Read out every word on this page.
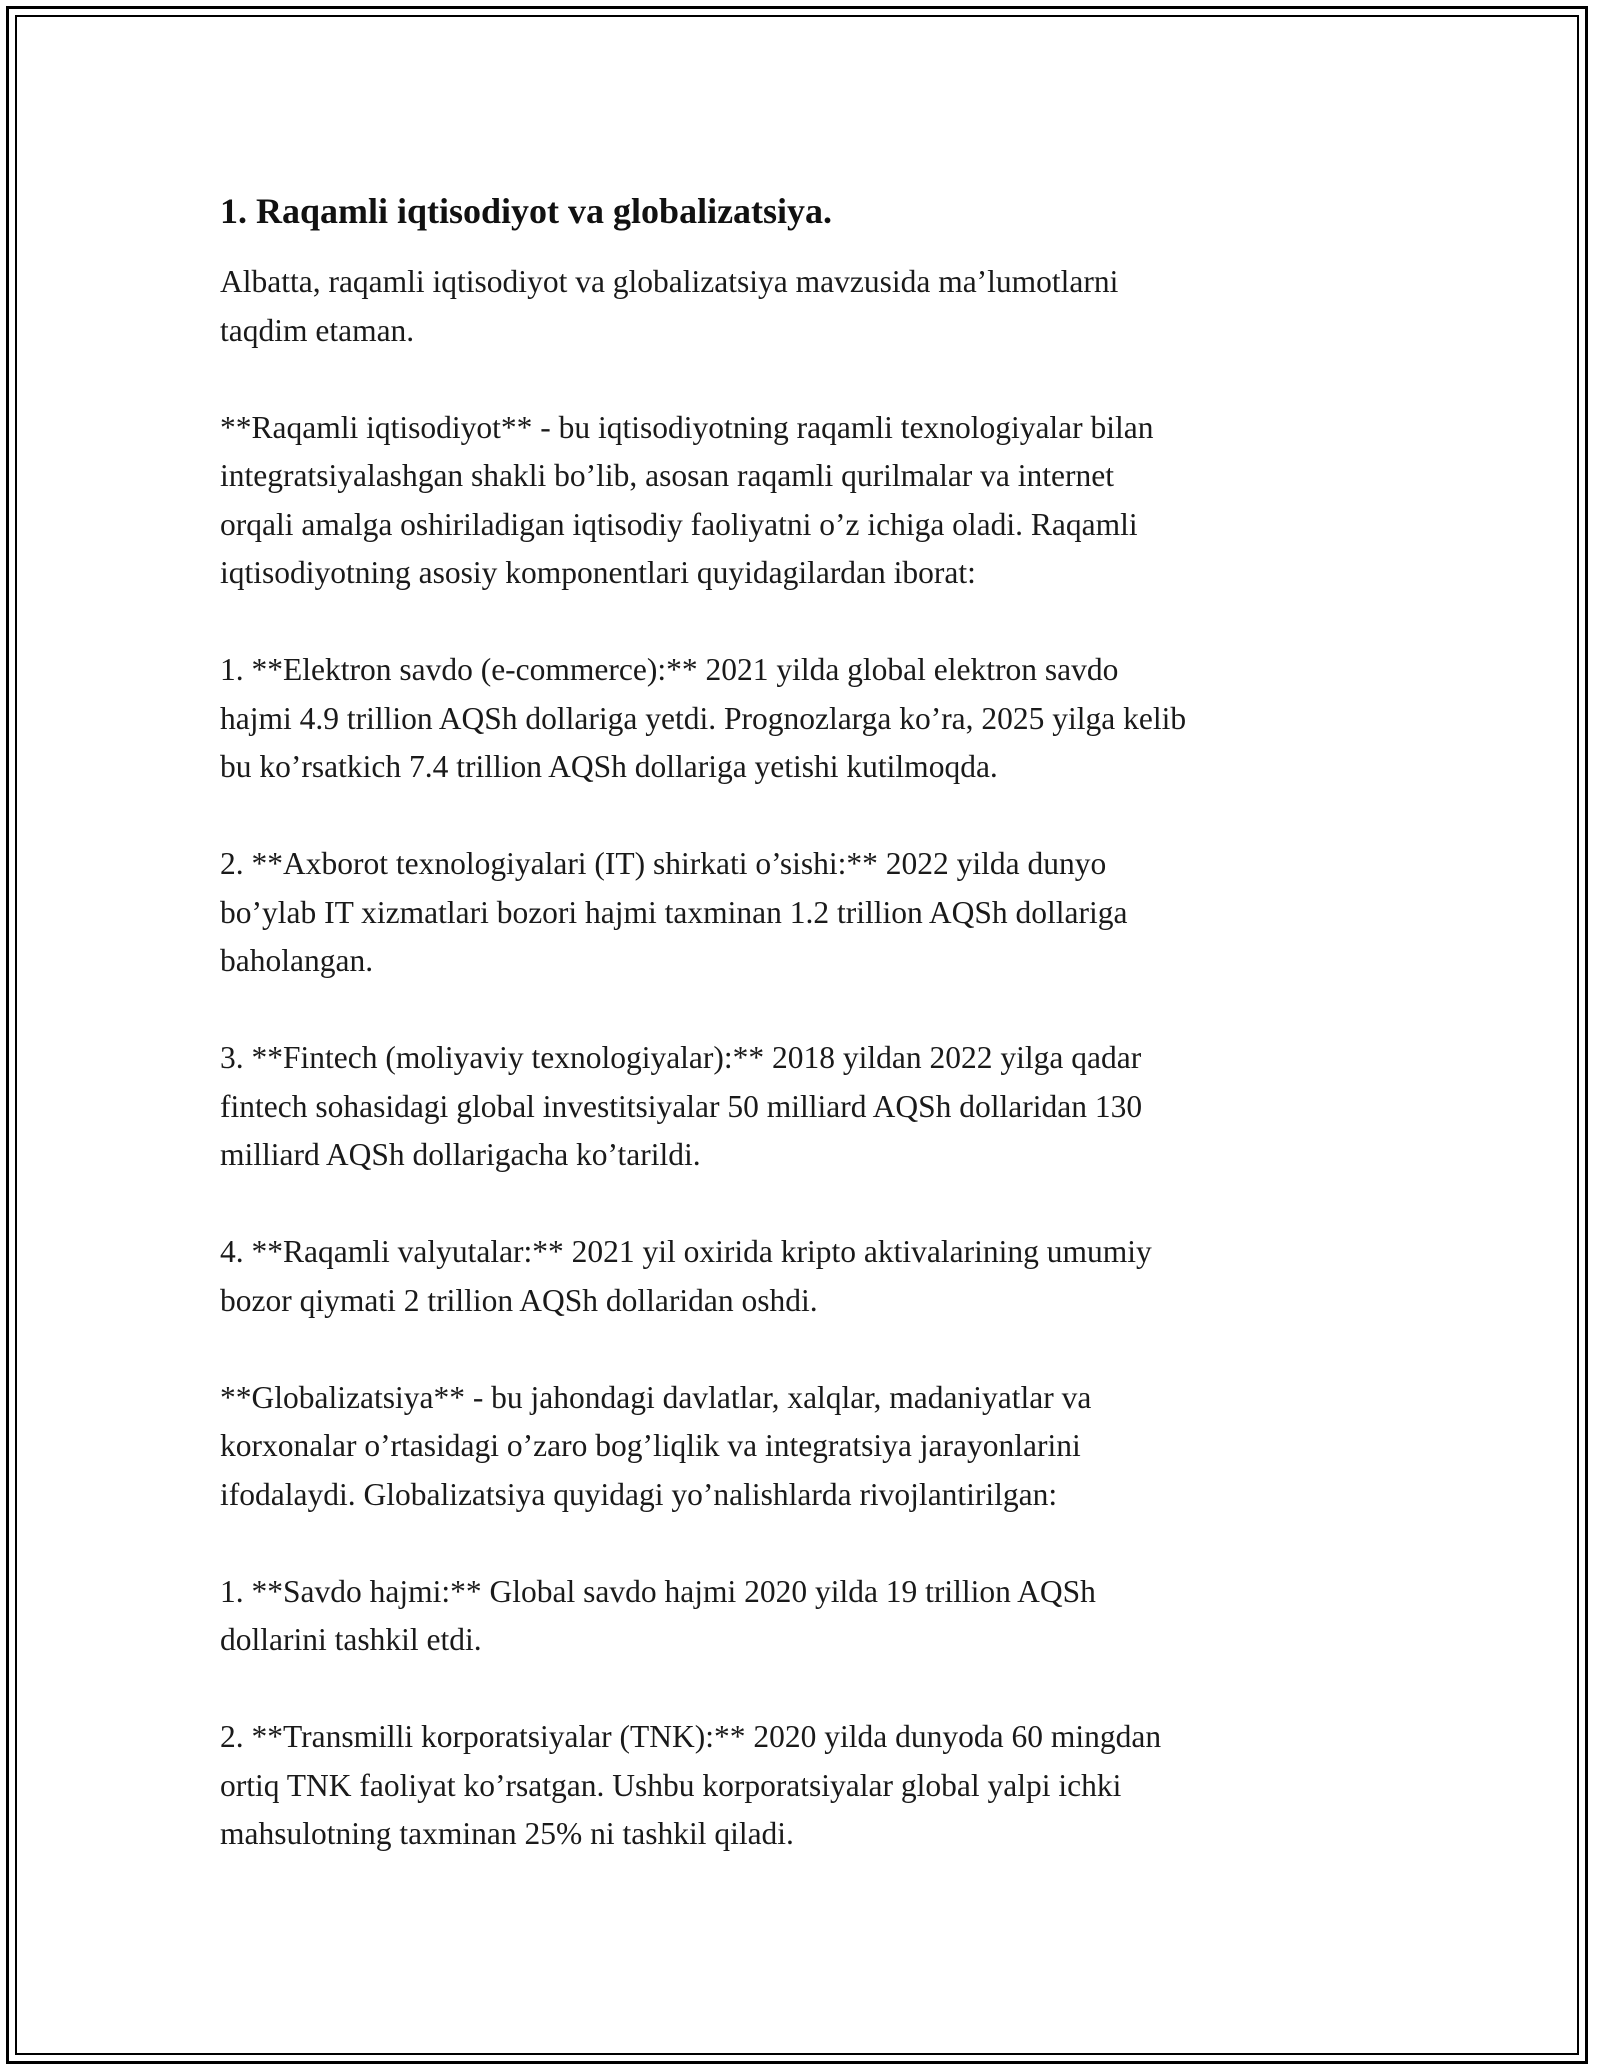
1. Raqamli iqtisodiyot va globalizatsiya.

Albatta, raqamli iqtisodiyot va globalizatsiya mavzusida ma’lumotlarni
taqdim etaman.

**Raqamli iqtisodiyot** - bu iqtisodiyotning raqamli texnologiyalar bilan
integratsiyalashgan shakli bo’lib, asosan raqamli qurilmalar va internet
orqali amalga oshiriladigan iqtisodiy faoliyatni o’z ichiga oladi. Raqamli
iqtisodiyotning asosiy komponentlari quyidagilardan iborat:

1. **Elektron savdo (e-commerce):** 2021 yilda global elektron savdo
hajmi 4.9 trillion AQSh dollariga yetdi. Prognozlarga ko’ra, 2025 yilga kelib
bu ko’rsatkich 7.4 trillion AQSh dollariga yetishi kutilmoqda.

2. **Axborot texnologiyalari (IT) shirkati o’sishi:** 2022 yilda dunyo
bo’ylab IT xizmatlari bozori hajmi taxminan 1.2 trillion AQSh dollariga
baholangan.

3. **Fintech (moliyaviy texnologiyalar):** 2018 yildan 2022 yilga qadar
fintech sohasidagi global investitsiyalar 50 milliard AQSh dollaridan 130
milliard AQSh dollarigacha ko’tarildi.

4. **Raqamli valyutalar:** 2021 yil oxirida kripto aktivalarining umumiy
bozor qiymati 2 trillion AQSh dollaridan oshdi.

**Globalizatsiya** - bu jahondagi davlatlar, xalqlar, madaniyatlar va
korxonalar o’rtasidagi o’zaro bog’liqlik va integratsiya jarayonlarini
ifodalaydi. Globalizatsiya quyidagi yo’nalishlarda rivojlantirilgan:

1. **Savdo hajmi:** Global savdo hajmi 2020 yilda 19 trillion AQSh
dollarini tashkil etdi.

2. **Transmilli korporatsiyalar (TNK):** 2020 yilda dunyoda 60 mingdan
ortiq TNK faoliyat ko’rsatgan. Ushbu korporatsiyalar global yalpi ichki
mahsulotning taxminan 25% ni tashkil qiladi.
